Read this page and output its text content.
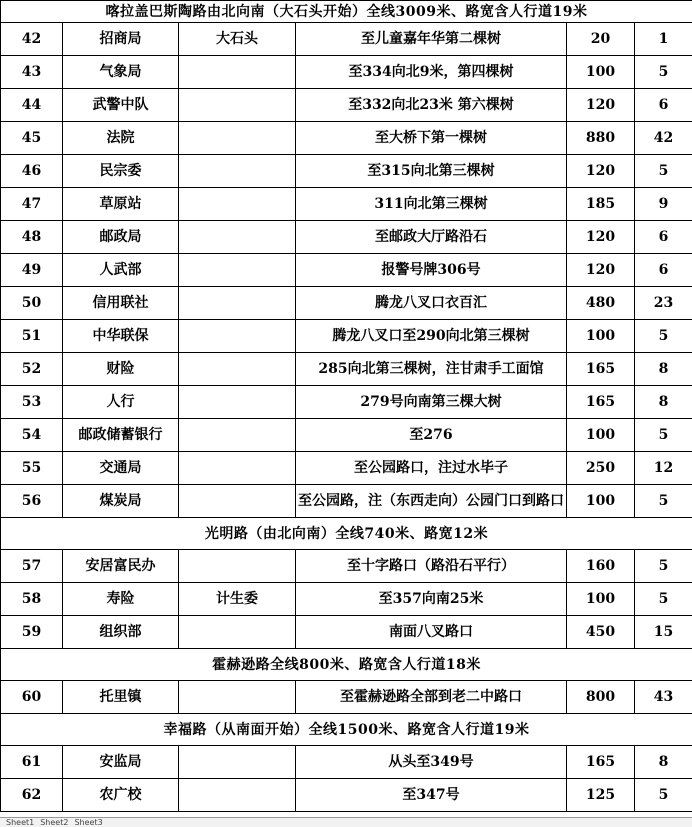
喀拉盖巴斯陶路由北向南（大石头开始）全线3009米、路宽含人行道19米					
42	招商局	大石头	至儿童嘉年华第二棵树	20	1
43	气象局		至334向北9米，第四棵树	100	5
44	武警中队		至332向北23米 第六棵树	120	6
45	法院		至大桥下第一棵树	880	42
46	民宗委		至315向北第三棵树	120	5
47	草原站		311向北第三棵树	185	9
48	邮政局		至邮政大厅路沿石	120	6
49	人武部		报警号牌306号	120	6
50	信用联社		腾龙八叉口衣百汇	480	23
51	中华联保		腾龙八叉口至290向北第三棵树	100	5
52	财险		285向北第三棵树，注甘肃手工面馆	165	8
53	人行		279号向南第三棵大树	165	8
54	邮政储蓄银行		至276	100	5
55	交通局		至公园路口，注过水毕子	250	12
56	煤炭局		至公园路，注（东西走向）公园门口到路口	100	5
光明路（由北向南）全线740米、路宽12米					
57	安居富民办		至十字路口（路沿石平行）	160	5
58	寿险	计生委	至357向南25米	100	5
59	组织部		南面八叉路口	450	15
霍赫逊路全线800米、路宽含人行道18米					
60	托里镇		至霍赫逊路全部到老二中路口	800	43
幸福路（从南面开始）全线1500米、路宽含人行道19米					
61	安监局		从头至349号	165	8
62	农广校		至347号	125	5
Sheet1 Sheet2 Sheet3
